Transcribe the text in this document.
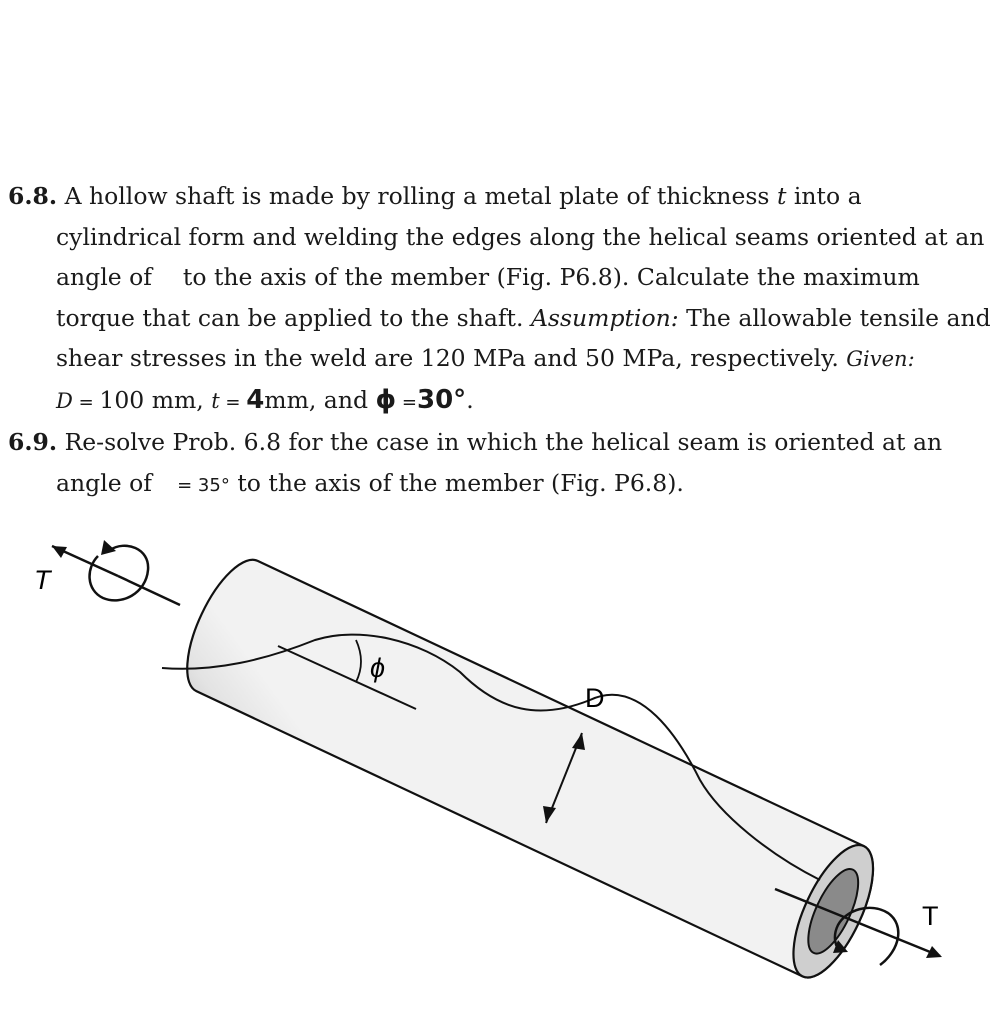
6.8. A hollow shaft is made by rolling a metal plate of thickness t into a cylindrical form and welding the edges along the helical seams oriented at an angle of  to the axis of the member (Fig. P6.8). Calculate the maximum torque that can be applied to the shaft. Assumption: The allowable tensile and shear stresses in the weld are 120 MPa and 50 MPa, respectively. Given:
D = 100 mm, t = 4mm, and ϕ =30°.

6.9. Re-solve Prob. 6.8 for the case in which the helical seam is oriented at an angle of  = 35° to the axis of the member (Fig. P6.8).

ϕ
D
T
T
